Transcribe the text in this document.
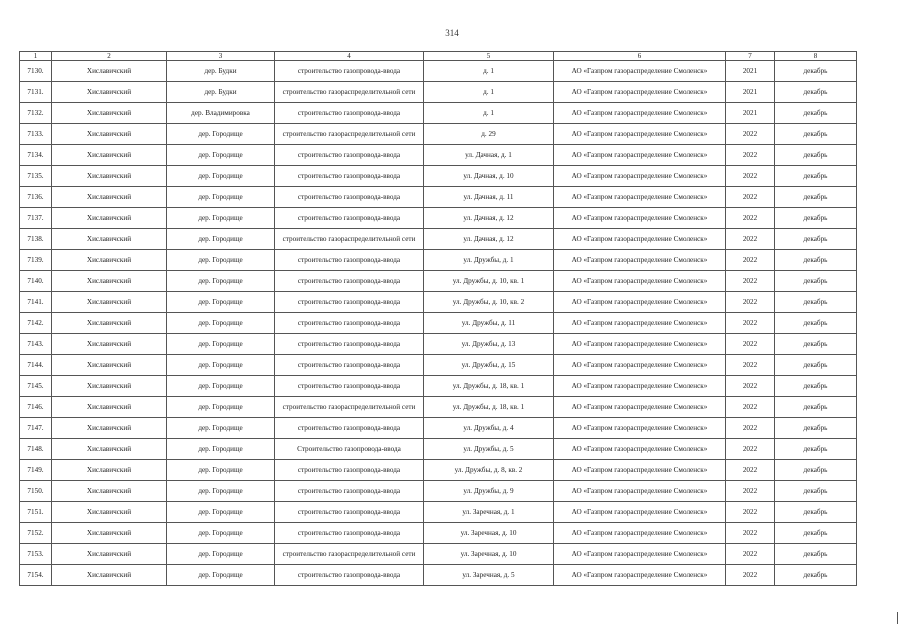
314
1	2	3	4	5	6	7	8
7130.	Хиславичский	дер. Будки	строительство газопровода-ввода	д. 1	АО «Газпром газораспределение Смоленск»	2021	декабрь
7131.	Хиславичский	дер. Будки	строительство газораспределительной сети	д. 1	АО «Газпром газораспределение Смоленск»	2021	декабрь
7132.	Хиславичский	дер. Владимировка	строительство газопровода-ввода	д. 1	АО «Газпром газораспределение Смоленск»	2021	декабрь
7133.	Хиславичский	дер. Городище	строительство газораспределительной сети	д. 29	АО «Газпром газораспределение Смоленск»	2022	декабрь
7134.	Хиславичский	дер. Городище	строительство газопровода-ввода	ул. Дачная, д. 1	АО «Газпром газораспределение Смоленск»	2022	декабрь
7135.	Хиславичский	дер. Городище	строительство газопровода-ввода	ул. Дачная, д. 10	АО «Газпром газораспределение Смоленск»	2022	декабрь
7136.	Хиславичский	дер. Городище	строительство газопровода-ввода	ул. Дачная, д. 11	АО «Газпром газораспределение Смоленск»	2022	декабрь
7137.	Хиславичский	дер. Городище	строительство газопровода-ввода	ул. Дачная, д. 12	АО «Газпром газораспределение Смоленск»	2022	декабрь
7138.	Хиславичский	дер. Городище	строительство газораспределительной сети	ул. Дачная, д. 12	АО «Газпром газораспределение Смоленск»	2022	декабрь
7139.	Хиславичский	дер. Городище	строительство газопровода-ввода	ул. Дружбы, д. 1	АО «Газпром газораспределение Смоленск»	2022	декабрь
7140.	Хиславичский	дер. Городище	строительство газопровода-ввода	ул. Дружбы, д. 10, кв. 1	АО «Газпром газораспределение Смоленск»	2022	декабрь
7141.	Хиславичский	дер. Городище	строительство газопровода-ввода	ул. Дружбы, д. 10, кв. 2	АО «Газпром газораспределение Смоленск»	2022	декабрь
7142.	Хиславичский	дер. Городище	строительство газопровода-ввода	ул. Дружбы, д. 11	АО «Газпром газораспределение Смоленск»	2022	декабрь
7143.	Хиславичский	дер. Городище	строительство газопровода-ввода	ул. Дружбы, д. 13	АО «Газпром газораспределение Смоленск»	2022	декабрь
7144.	Хиславичский	дер. Городище	строительство газопровода-ввода	ул. Дружбы, д. 15	АО «Газпром газораспределение Смоленск»	2022	декабрь
7145.	Хиславичский	дер. Городище	строительство газопровода-ввода	ул. Дружбы, д. 18, кв. 1	АО «Газпром газораспределение Смоленск»	2022	декабрь
7146.	Хиславичский	дер. Городище	строительство газораспределительной сети	ул. Дружбы, д. 18, кв. 1	АО «Газпром газораспределение Смоленск»	2022	декабрь
7147.	Хиславичский	дер. Городище	строительство газопровода-ввода	ул. Дружбы, д. 4	АО «Газпром газораспределение Смоленск»	2022	декабрь
7148.	Хиславичский	дер. Городище	Строительство газопровода-ввода	ул. Дружбы, д. 5	АО «Газпром газораспределение Смоленск»	2022	декабрь
7149.	Хиславичский	дер. Городище	строительство газопровода-ввода	ул. Дружбы, д. 8, кв. 2	АО «Газпром газораспределение Смоленск»	2022	декабрь
7150.	Хиславичский	дер. Городище	строительство газопровода-ввода	ул. Дружбы, д. 9	АО «Газпром газораспределение Смоленск»	2022	декабрь
7151.	Хиславичский	дер. Городище	строительство газопровода-ввода	ул. Заречная, д. 1	АО «Газпром газораспределение Смоленск»	2022	декабрь
7152.	Хиславичский	дер. Городище	строительство газопровода-ввода	ул. Заречная, д. 10	АО «Газпром газораспределение Смоленск»	2022	декабрь
7153.	Хиславичский	дер. Городище	строительство газораспределительной сети	ул. Заречная, д. 10	АО «Газпром газораспределение Смоленск»	2022	декабрь
7154.	Хиславичский	дер. Городище	строительство газопровода-ввода	ул. Заречная, д. 5	АО «Газпром газораспределение Смоленск»	2022	декабрь
